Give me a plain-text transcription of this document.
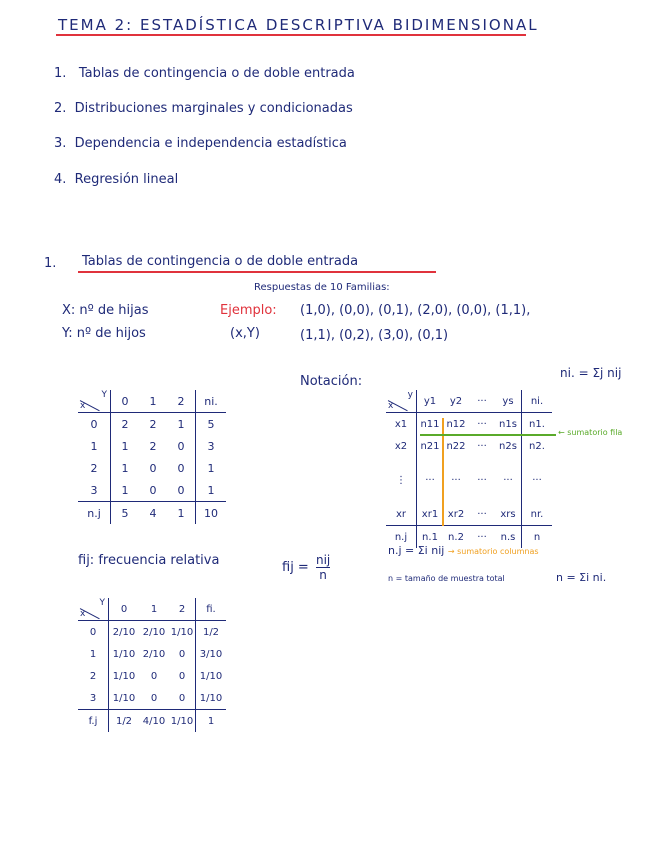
TEMA 2: ESTADÍSTICA DESCRIPTIVA BIDIMENSIONAL
1. Tablas de contingencia o de doble entrada
2. Distribuciones marginales y condicionadas
3. Dependencia e independencia estadística
4. Regresión lineal
1. Tablas de contingencia o de doble entrada
Respuestas de 10 Familias:
X: nº de hijas
Y: nº de hijos
Ejemplo:
(x,Y)
(1,0), (0,0), (0,1), (2,0), (0,0), (1,1),
(1,1), (0,2), (3,0), (0,1)
Y
x	0	1	2	ni.
0	2	2	1	5
1	1	2	0	3
2	1	0	0	1
3	1	0	0	1
n.j	5	4	1	10
Notación:
ni. = Σj nij
y
x	y1	y2	···	ys	ni.
x1	n11	n12	···	n1s	n1.
x2	n21	n22	···	n2s	n2.
⋮	···	···	···	···	···
xr	xr1	xr2	···	xrs	nr.
n.j	n.1	n.2	···	n.s	n
← sumatorio fila
n.j = Σi nij → sumatorio columnas
n = tamaño de muestra total	n = Σi ni.
fij: frecuencia relativa	fij = nij
n
Y
x	0	1	2	fi.
0	2/10	2/10	1/10	1/2
1	1/10	2/10	0	3/10
2	1/10	0	0	1/10
3	1/10	0	0	1/10
f.j	1/2	4/10	1/10	1
